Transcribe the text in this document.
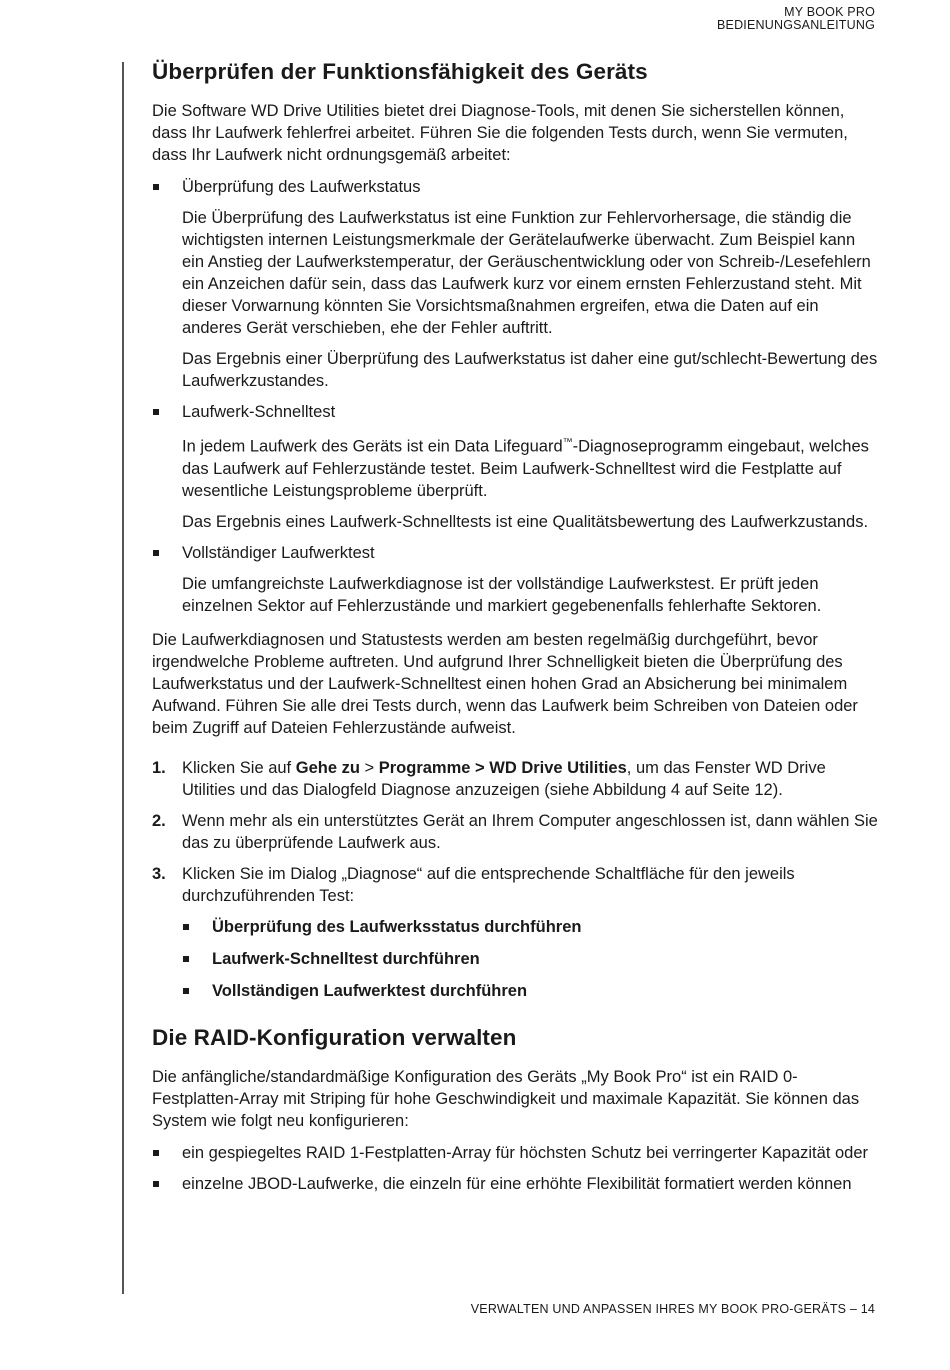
MY BOOK PRO
BEDIENUNGSANLEITUNG
Überprüfen der Funktionsfähigkeit des Geräts

Die Software WD Drive Utilities bietet drei Diagnose-Tools, mit denen Sie sicherstellen können, dass Ihr Laufwerk fehlerfrei arbeitet. Führen Sie die folgenden Tests durch, wenn Sie vermuten, dass Ihr Laufwerk nicht ordnungsgemäß arbeitet:

Überprüfung des Laufwerkstatus

Die Überprüfung des Laufwerkstatus ist eine Funktion zur Fehlervorhersage, die ständig die wichtigsten internen Leistungsmerkmale der Gerätelaufwerke überwacht. Zum Beispiel kann ein Anstieg der Laufwerkstemperatur, der Geräuschentwicklung oder von Schreib-/Lesefehlern ein Anzeichen dafür sein, dass das Laufwerk kurz vor einem ernsten Fehlerzustand steht. Mit dieser Vorwarnung könnten Sie Vorsichtsmaßnahmen ergreifen, etwa die Daten auf ein anderes Gerät verschieben, ehe der Fehler auftritt.

Das Ergebnis einer Überprüfung des Laufwerkstatus ist daher eine gut/schlecht-Bewertung des Laufwerkzustandes.

Laufwerk-Schnelltest

In jedem Laufwerk des Geräts ist ein Data Lifeguard™-Diagnoseprogramm eingebaut, welches das Laufwerk auf Fehlerzustände testet. Beim Laufwerk-Schnelltest wird die Festplatte auf wesentliche Leistungsprobleme überprüft.

Das Ergebnis eines Laufwerk-Schnelltests ist eine Qualitätsbewertung des Laufwerkzustands.

Vollständiger Laufwerktest

Die umfangreichste Laufwerkdiagnose ist der vollständige Laufwerkstest. Er prüft jeden einzelnen Sektor auf Fehlerzustände und markiert gegebenenfalls fehlerhafte Sektoren.

Die Laufwerkdiagnosen und Statustests werden am besten regelmäßig durchgeführt, bevor irgendwelche Probleme auftreten. Und aufgrund Ihrer Schnelligkeit bieten die Überprüfung des Laufwerkstatus und der Laufwerk-Schnelltest einen hohen Grad an Absicherung bei minimalem Aufwand. Führen Sie alle drei Tests durch, wenn das Laufwerk beim Schreiben von Dateien oder beim Zugriff auf Dateien Fehlerzustände aufweist.

1. Klicken Sie auf Gehe zu > Programme > WD Drive Utilities, um das Fenster WD Drive Utilities und das Dialogfeld Diagnose anzuzeigen (siehe Abbildung 4 auf Seite 12).
2. Wenn mehr als ein unterstütztes Gerät an Ihrem Computer angeschlossen ist, dann wählen Sie das zu überprüfende Laufwerk aus.
3. Klicken Sie im Dialog „Diagnose“ auf die entsprechende Schaltfläche für den jeweils durchzuführenden Test:
Überprüfung des Laufwerksstatus durchführen
Laufwerk-Schnelltest durchführen
Vollständigen Laufwerktest durchführen
Die RAID-Konfiguration verwalten

Die anfängliche/standardmäßige Konfiguration des Geräts „My Book Pro“ ist ein RAID 0-Festplatten-Array mit Striping für hohe Geschwindigkeit und maximale Kapazität. Sie können das System wie folgt neu konfigurieren:

ein gespiegeltes RAID 1-Festplatten-Array für höchsten Schutz bei verringerter Kapazität oder
einzelne JBOD-Laufwerke, die einzeln für eine erhöhte Flexibilität formatiert werden können
VERWALTEN UND ANPASSEN IHRES MY BOOK PRO-GERÄTS – 14
